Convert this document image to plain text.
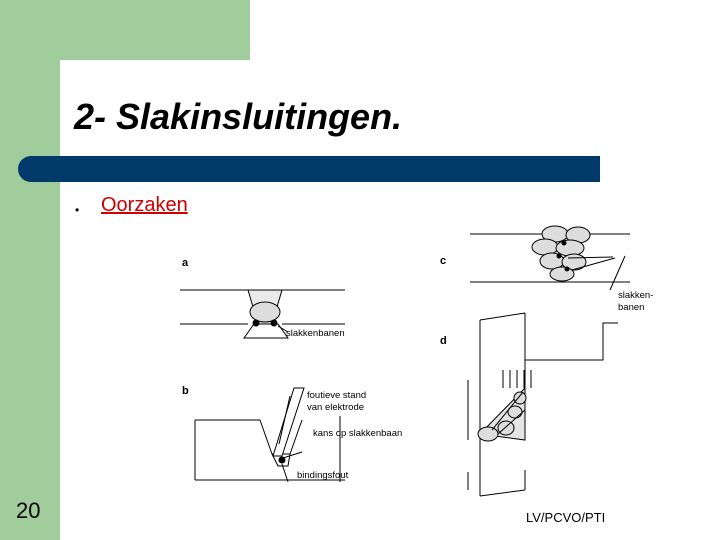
2- Slakinsluitingen.
• Oorzaken
a
slakkenbanen
b	foutieve stand
van elektrode
kans op slakkenbaan
bindingsfout
c
slakken-
banen
d
20	LV/PCVO/PTI
